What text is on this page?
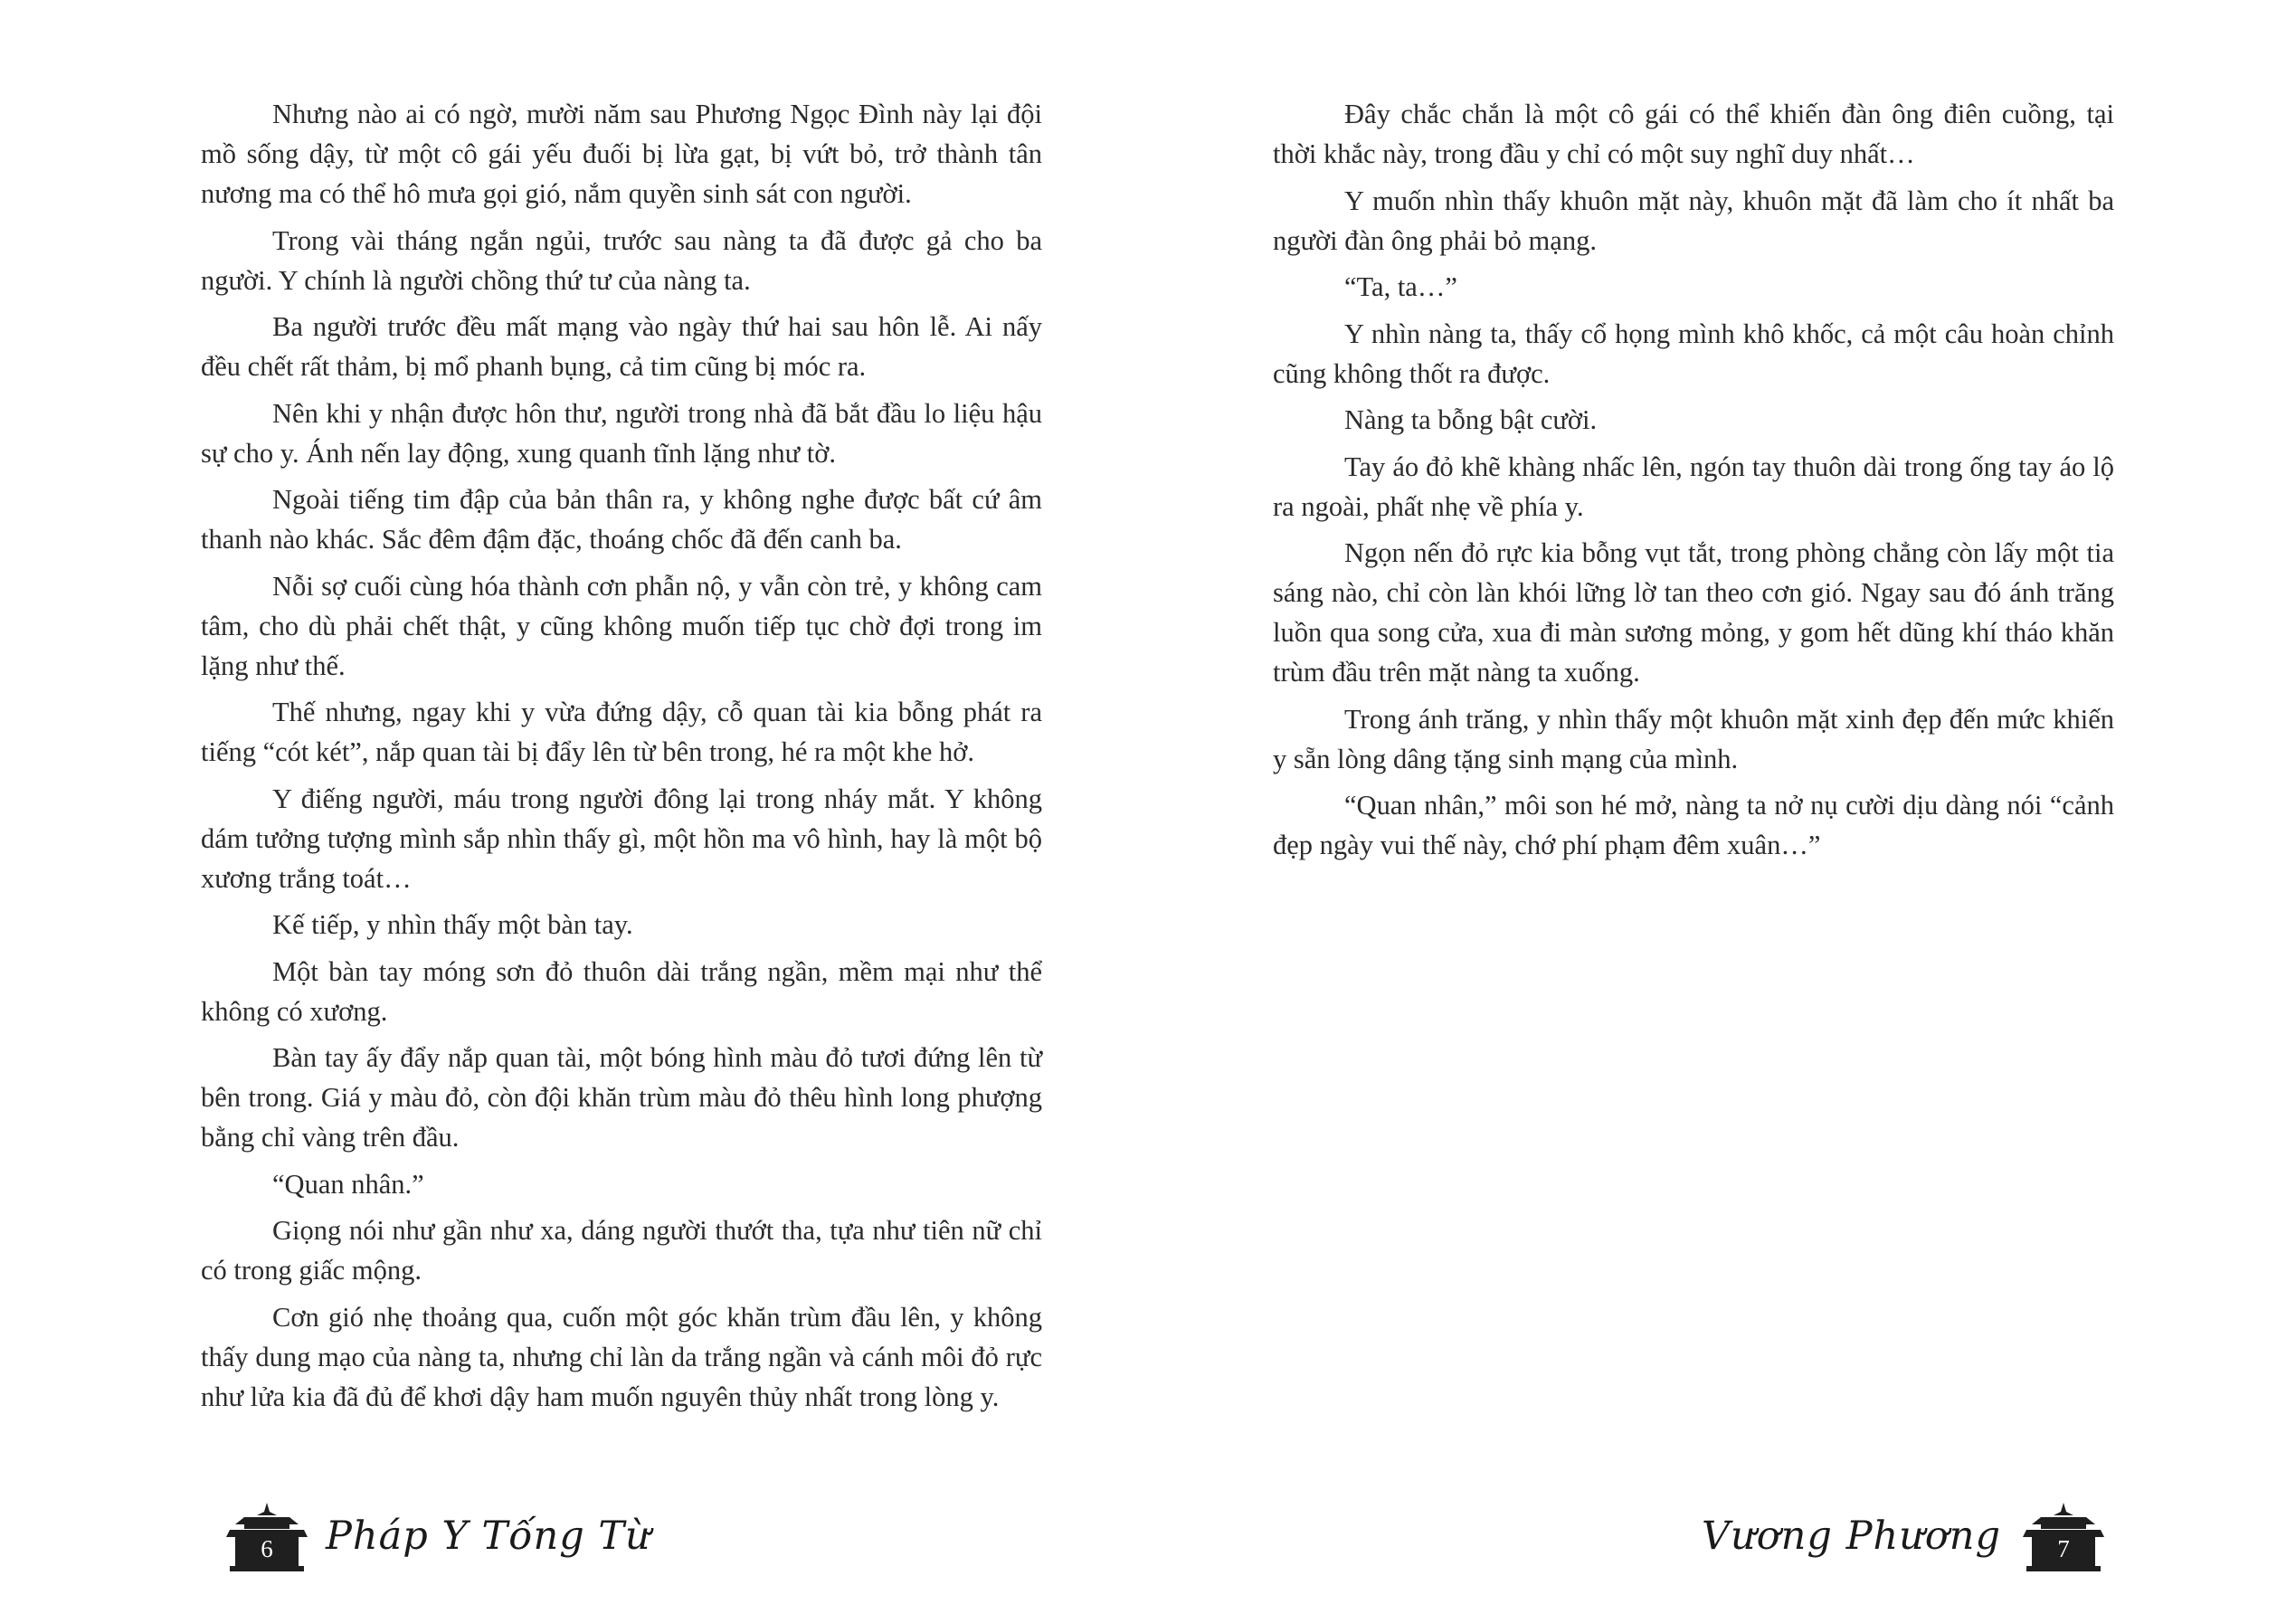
Nhưng nào ai có ngờ, mười năm sau Phương Ngọc Đình này lại đội mồ sống dậy, từ một cô gái yếu đuối bị lừa gạt, bị vứt bỏ, trở thành tân nương ma có thể hô mưa gọi gió, nắm quyền sinh sát con người.

Trong vài tháng ngắn ngủi, trước sau nàng ta đã được gả cho ba người. Y chính là người chồng thứ tư của nàng ta.

Ba người trước đều mất mạng vào ngày thứ hai sau hôn lễ. Ai nấy đều chết rất thảm, bị mổ phanh bụng, cả tim cũng bị móc ra.

Nên khi y nhận được hôn thư, người trong nhà đã bắt đầu lo liệu hậu sự cho y. Ánh nến lay động, xung quanh tĩnh lặng như tờ.

Ngoài tiếng tim đập của bản thân ra, y không nghe được bất cứ âm thanh nào khác. Sắc đêm đậm đặc, thoáng chốc đã đến canh ba.

Nỗi sợ cuối cùng hóa thành cơn phẫn nộ, y vẫn còn trẻ, y không cam tâm, cho dù phải chết thật, y cũng không muốn tiếp tục chờ đợi trong im lặng như thế.

Thế nhưng, ngay khi y vừa đứng dậy, cỗ quan tài kia bỗng phát ra tiếng “cót két”, nắp quan tài bị đẩy lên từ bên trong, hé ra một khe hở.

Y điếng người, máu trong người đông lại trong nháy mắt. Y không dám tưởng tượng mình sắp nhìn thấy gì, một hồn ma vô hình, hay là một bộ xương trắng toát…

Kế tiếp, y nhìn thấy một bàn tay.

Một bàn tay móng sơn đỏ thuôn dài trắng ngần, mềm mại như thể không có xương.

Bàn tay ấy đẩy nắp quan tài, một bóng hình màu đỏ tươi đứng lên từ bên trong. Giá y màu đỏ, còn đội khăn trùm màu đỏ thêu hình long phượng bằng chỉ vàng trên đầu.

“Quan nhân.”

Giọng nói như gần như xa, dáng người thướt tha, tựa như tiên nữ chỉ có trong giấc mộng.

Cơn gió nhẹ thoảng qua, cuốn một góc khăn trùm đầu lên, y không thấy dung mạo của nàng ta, nhưng chỉ làn da trắng ngần và cánh môi đỏ rực như lửa kia đã đủ để khơi dậy ham muốn nguyên thủy nhất trong lòng y.

6	Pháp Y Tống Từ

Đây chắc chắn là một cô gái có thể khiến đàn ông điên cuồng, tại thời khắc này, trong đầu y chỉ có một suy nghĩ duy nhất…

Y muốn nhìn thấy khuôn mặt này, khuôn mặt đã làm cho ít nhất ba người đàn ông phải bỏ mạng.

“Ta, ta…”

Y nhìn nàng ta, thấy cổ họng mình khô khốc, cả một câu hoàn chỉnh cũng không thốt ra được.

Nàng ta bỗng bật cười.

Tay áo đỏ khẽ khàng nhấc lên, ngón tay thuôn dài trong ống tay áo lộ ra ngoài, phất nhẹ về phía y.

Ngọn nến đỏ rực kia bỗng vụt tắt, trong phòng chẳng còn lấy một tia sáng nào, chỉ còn làn khói lững lờ tan theo cơn gió. Ngay sau đó ánh trăng luồn qua song cửa, xua đi màn sương mỏng, y gom hết dũng khí tháo khăn trùm đầu trên mặt nàng ta xuống.

Trong ánh trăng, y nhìn thấy một khuôn mặt xinh đẹp đến mức khiến y sẵn lòng dâng tặng sinh mạng của mình.

“Quan nhân,” môi son hé mở, nàng ta nở nụ cười dịu dàng nói “cảnh đẹp ngày vui thế này, chớ phí phạm đêm xuân…”

Vương Phương	7
